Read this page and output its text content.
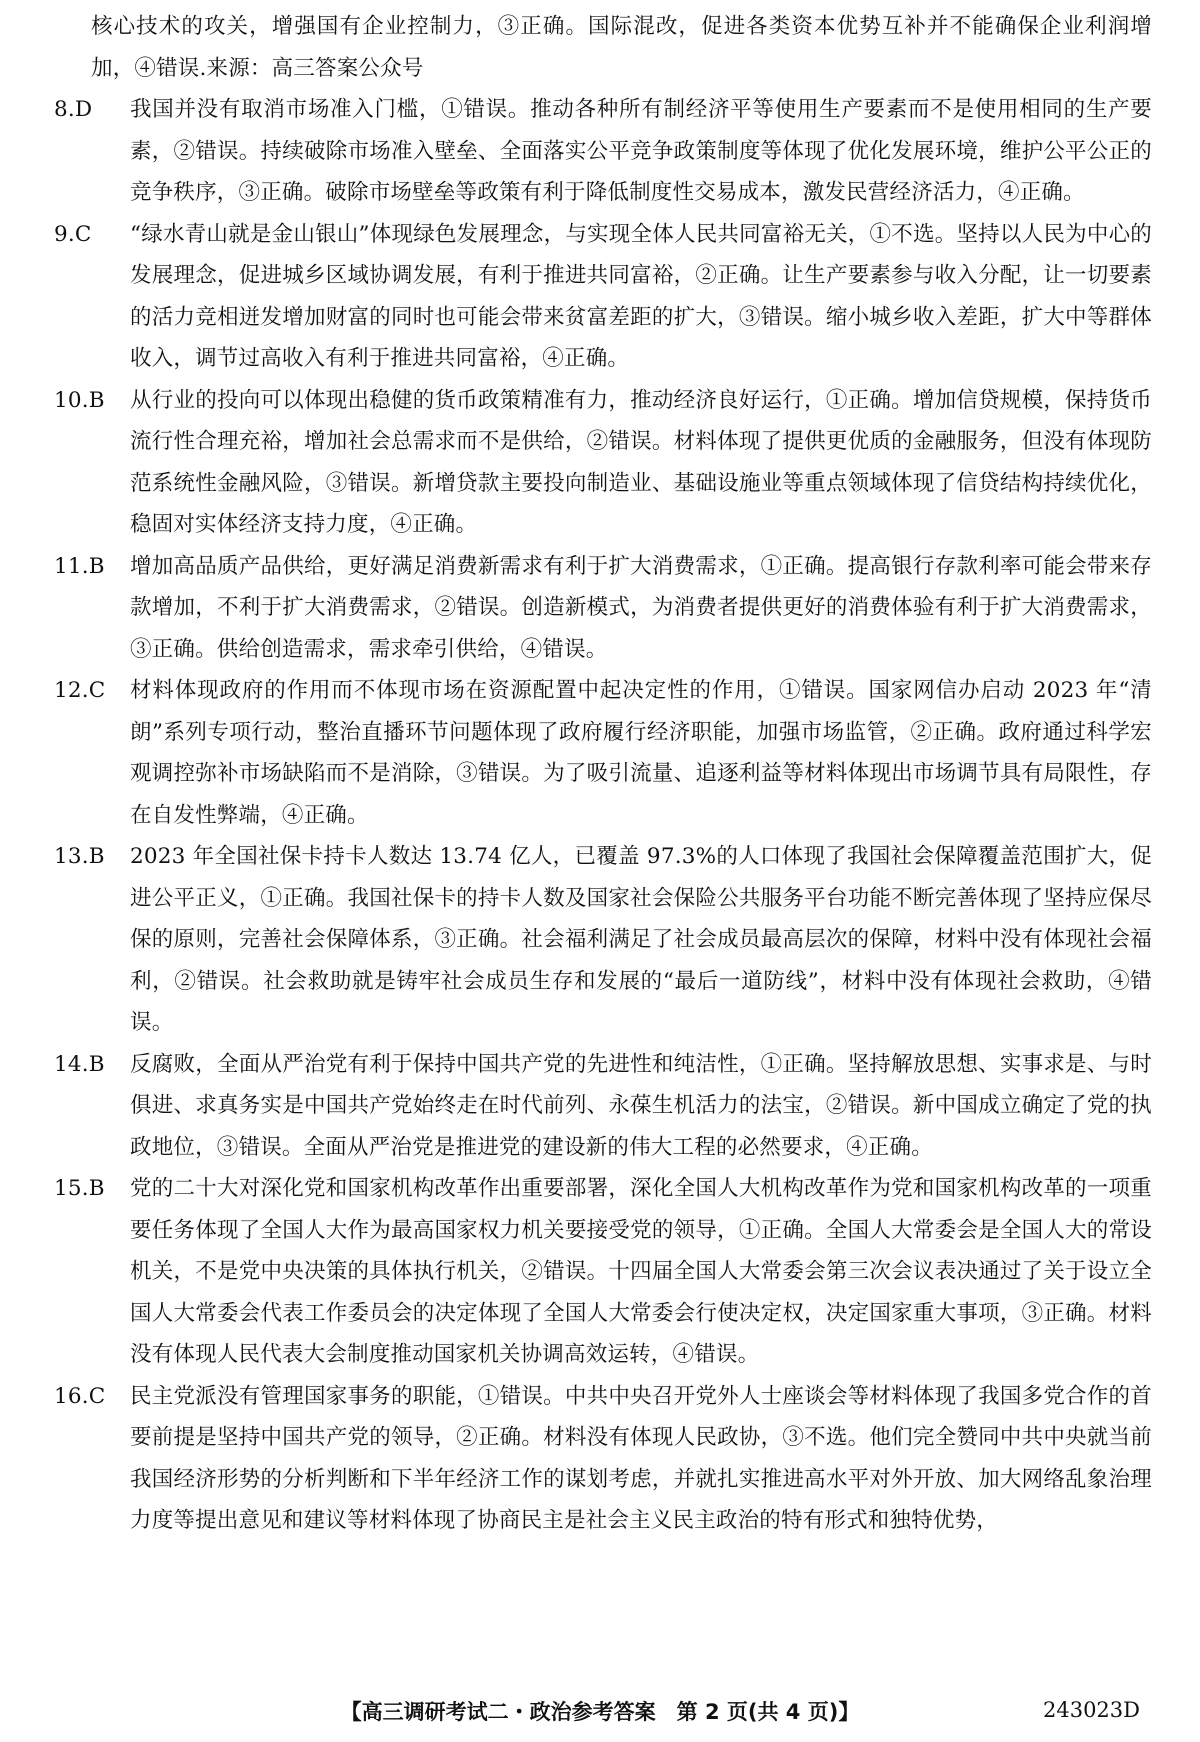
核心技术的攻关，增强国有企业控制力，③正确。国际混改，促进各类资本优势互补并不能确保企业利润增加，④错误.来源：高三答案公众号

8.D	我国并没有取消市场准入门槛，①错误。推动各种所有制经济平等使用生产要素而不是使用相同的生产要素，②错误。持续破除市场准入壁垒、全面落实公平竞争政策制度等体现了优化发展环境，维护公平公正的竞争秩序，③正确。破除市场壁垒等政策有利于降低制度性交易成本，激发民营经济活力，④正确。
9.C	“绿水青山就是金山银山”体现绿色发展理念，与实现全体人民共同富裕无关，①不选。坚持以人民为中心的发展理念，促进城乡区域协调发展，有利于推进共同富裕，②正确。让生产要素参与收入分配，让一切要素的活力竞相迸发增加财富的同时也可能会带来贫富差距的扩大，③错误。缩小城乡收入差距，扩大中等群体收入，调节过高收入有利于推进共同富裕，④正确。
10.B	从行业的投向可以体现出稳健的货币政策精准有力，推动经济良好运行，①正确。增加信贷规模，保持货币流行性合理充裕，增加社会总需求而不是供给，②错误。材料体现了提供更优质的金融服务，但没有体现防范系统性金融风险，③错误。新增贷款主要投向制造业、基础设施业等重点领域体现了信贷结构持续优化，稳固对实体经济支持力度，④正确。
11.B	增加高品质产品供给，更好满足消费新需求有利于扩大消费需求，①正确。提高银行存款利率可能会带来存款增加，不利于扩大消费需求，②错误。创造新模式，为消费者提供更好的消费体验有利于扩大消费需求，③正确。供给创造需求，需求牵引供给，④错误。
12.C	材料体现政府的作用而不体现市场在资源配置中起决定性的作用，①错误。国家网信办启动 2023 年“清朗”系列专项行动，整治直播环节问题体现了政府履行经济职能，加强市场监管，②正确。政府通过科学宏观调控弥补市场缺陷而不是消除，③错误。为了吸引流量、追逐利益等材料体现出市场调节具有局限性，存在自发性弊端，④正确。
13.B	2023 年全国社保卡持卡人数达 13.74 亿人，已覆盖 97.3%的人口体现了我国社会保障覆盖范围扩大，促进公平正义，①正确。我国社保卡的持卡人数及国家社会保险公共服务平台功能不断完善体现了坚持应保尽保的原则，完善社会保障体系，③正确。社会福利满足了社会成员最高层次的保障，材料中没有体现社会福利，②错误。社会救助就是铸牢社会成员生存和发展的“最后一道防线”，材料中没有体现社会救助，④错误。
14.B	反腐败，全面从严治党有利于保持中国共产党的先进性和纯洁性，①正确。坚持解放思想、实事求是、与时俱进、求真务实是中国共产党始终走在时代前列、永葆生机活力的法宝，②错误。新中国成立确定了党的执政地位，③错误。全面从严治党是推进党的建设新的伟大工程的必然要求，④正确。
15.B	党的二十大对深化党和国家机构改革作出重要部署，深化全国人大机构改革作为党和国家机构改革的一项重要任务体现了全国人大作为最高国家权力机关要接受党的领导，①正确。全国人大常委会是全国人大的常设机关，不是党中央决策的具体执行机关，②错误。十四届全国人大常委会第三次会议表决通过了关于设立全国人大常委会代表工作委员会的决定体现了全国人大常委会行使决定权，决定国家重大事项，③正确。材料没有体现人民代表大会制度推动国家机关协调高效运转，④错误。
16.C	民主党派没有管理国家事务的职能，①错误。中共中央召开党外人士座谈会等材料体现了我国多党合作的首要前提是坚持中国共产党的领导，②正确。材料没有体现人民政协，③不选。他们完全赞同中共中央就当前我国经济形势的分析判断和下半年经济工作的谋划考虑，并就扎实推进高水平对外开放、加大网络乱象治理力度等提出意见和建议等材料体现了协商民主是社会主义民主政治的特有形式和独特优势，
【高三调研考试二・政治参考答案　第 2 页(共 4 页)】	243023D
